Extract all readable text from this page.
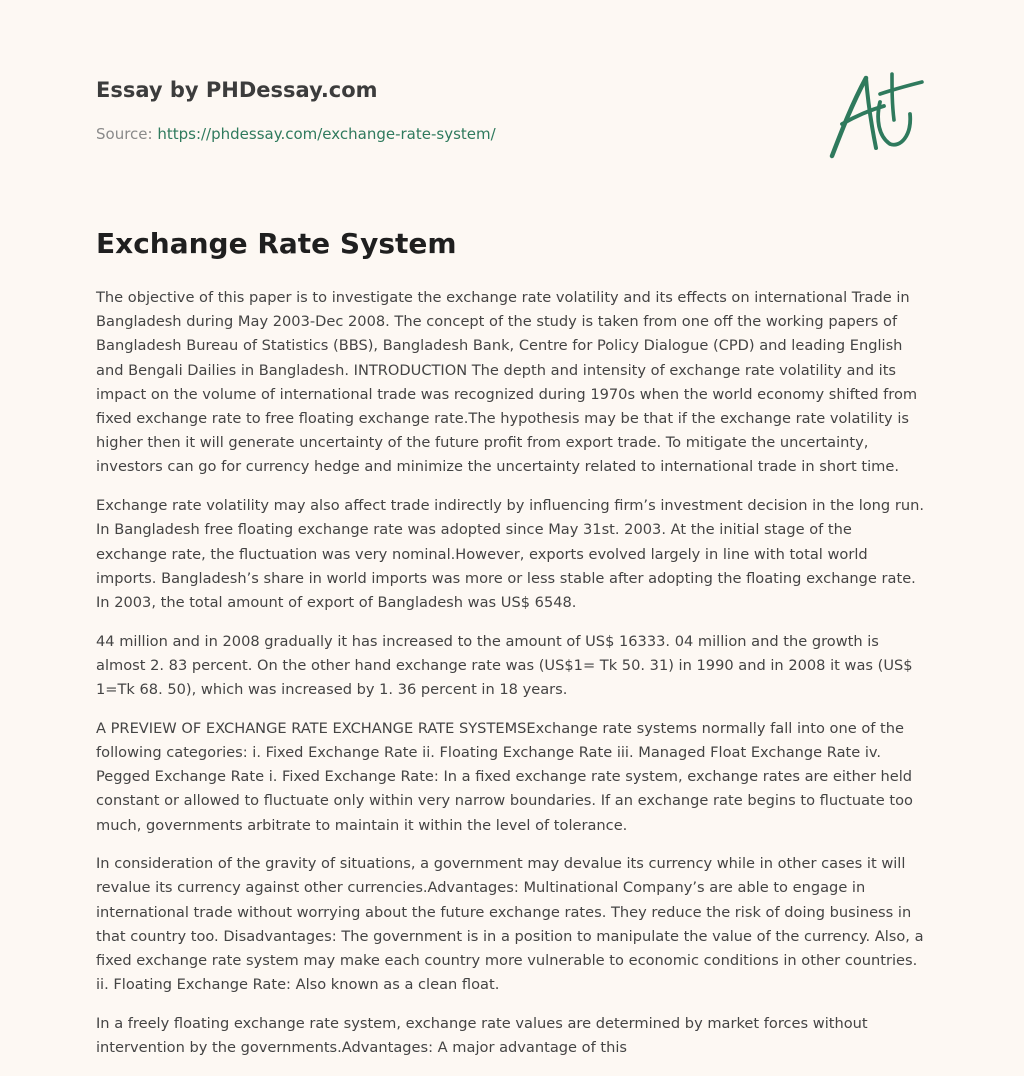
Essay by PHDessay.com
Source: https://phdessay.com/exchange-rate-system/
Exchange Rate System

The objective of this paper is to investigate the exchange rate volatility and its effects on international Trade in Bangladesh during May 2003-Dec 2008. The concept of the study is taken from one off the working papers of Bangladesh Bureau of Statistics (BBS), Bangladesh Bank, Centre for Policy Dialogue (CPD) and leading English and Bengali Dailies in Bangladesh. INTRODUCTION The depth and intensity of exchange rate volatility and its impact on the volume of international trade was recognized during 1970s when the world economy shifted from fixed exchange rate to free floating exchange rate.The hypothesis may be that if the exchange rate volatility is higher then it will generate uncertainty of the future profit from export trade. To mitigate the uncertainty, investors can go for currency hedge and minimize the uncertainty related to international trade in short time.

Exchange rate volatility may also affect trade indirectly by influencing firm’s investment decision in the long run. In Bangladesh free floating exchange rate was adopted since May 31st. 2003. At the initial stage of the exchange rate, the fluctuation was very nominal.However, exports evolved largely in line with total world imports. Bangladesh’s share in world imports was more or less stable after adopting the floating exchange rate. In 2003, the total amount of export of Bangladesh was US$ 6548.

44 million and in 2008 gradually it has increased to the amount of US$ 16333. 04 million and the growth is almost 2. 83 percent. On the other hand exchange rate was (US$1= Tk 50. 31) in 1990 and in 2008 it was (US$ 1=Tk 68. 50), which was increased by 1. 36 percent in 18 years.

A PREVIEW OF EXCHANGE RATE EXCHANGE RATE SYSTEMSExchange rate systems normally fall into one of the following categories: i. Fixed Exchange Rate ii. Floating Exchange Rate iii. Managed Float Exchange Rate iv. Pegged Exchange Rate i. Fixed Exchange Rate: In a fixed exchange rate system, exchange rates are either held constant or allowed to fluctuate only within very narrow boundaries. If an exchange rate begins to fluctuate too much, governments arbitrate to maintain it within the level of tolerance.

In consideration of the gravity of situations, a government may devalue its currency while in other cases it will revalue its currency against other currencies.Advantages: Multinational Company’s are able to engage in international trade without worrying about the future exchange rates. They reduce the risk of doing business in that country too. Disadvantages: The government is in a position to manipulate the value of the currency. Also, a fixed exchange rate system may make each country more vulnerable to economic conditions in other countries. ii. Floating Exchange Rate: Also known as a clean float.

In a freely floating exchange rate system, exchange rate values are determined by market forces without intervention by the governments.Advantages: A major advantage of this
